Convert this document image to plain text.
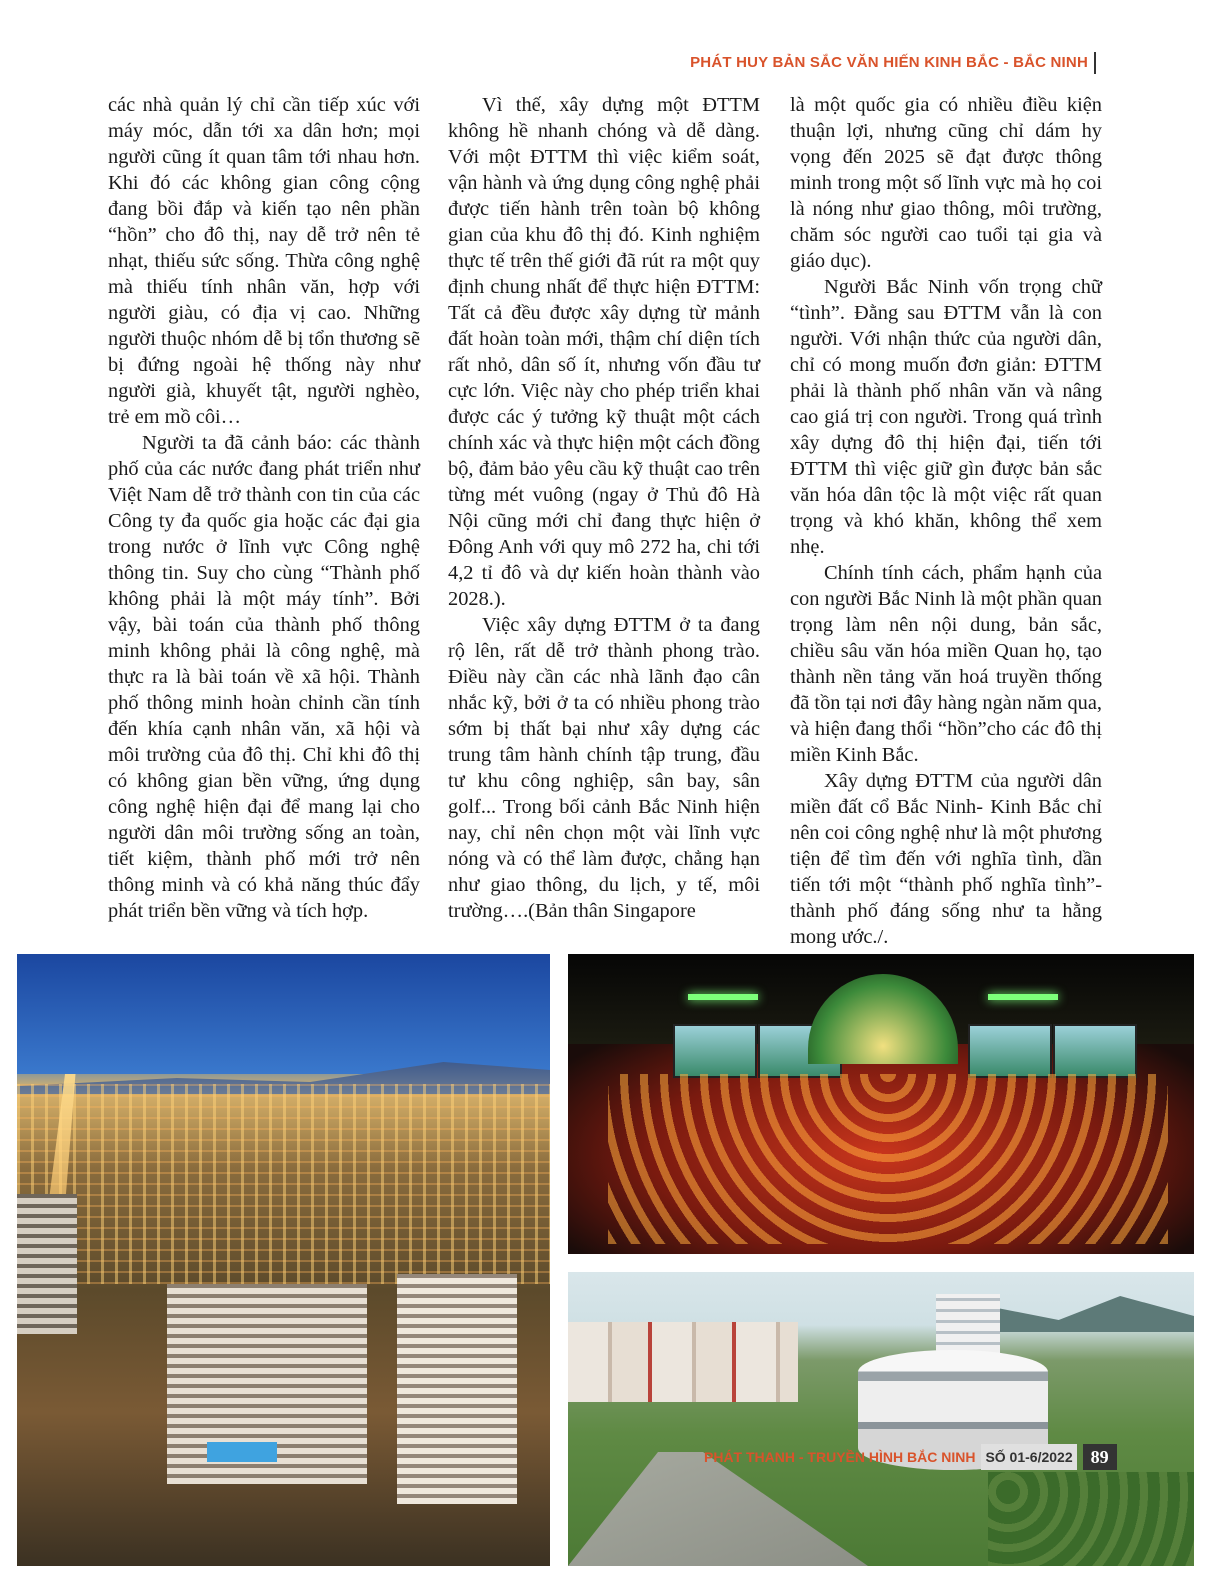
PHÁT HUY BẢN SẮC VĂN HIẾN KINH BẮC - BẮC NINH

các nhà quản lý chỉ cần tiếp xúc với máy móc, dẫn tới xa dân hơn; mọi người cũng ít quan tâm tới nhau hơn. Khi đó các không gian công cộng đang bồi đắp và kiến tạo nên phần “hồn” cho đô thị, nay dễ trở nên tẻ nhạt, thiếu sức sống. Thừa công nghệ mà thiếu tính nhân văn, hợp với người giàu, có địa vị cao. Những người thuộc nhóm dễ bị tổn thương sẽ bị đứng ngoài hệ thống này như người già, khuyết tật, người nghèo, trẻ em mồ côi…

Người ta đã cảnh báo: các thành phố của các nước đang phát triển như Việt Nam dễ trở thành con tin của các Công ty đa quốc gia hoặc các đại gia trong nước ở lĩnh vực Công nghệ thông tin. Suy cho cùng “Thành phố không phải là một máy tính”. Bởi vậy, bài toán của thành phố thông minh không phải là công nghệ, mà thực ra là bài toán về xã hội. Thành phố thông minh hoàn chỉnh cần tính đến khía cạnh nhân văn, xã hội và môi trường của đô thị. Chỉ khi đô thị có không gian bền vững, ứng dụng công nghệ hiện đại để mang lại cho người dân môi trường sống an toàn, tiết kiệm, thành phố mới trở nên thông minh và có khả năng thúc đẩy phát triển bền vững và tích hợp.

Vì thế, xây dựng một ĐTTM không hề nhanh chóng và dễ dàng. Với một ĐTTM thì việc kiểm soát, vận hành và ứng dụng công nghệ phải được tiến hành trên toàn bộ không gian của khu đô thị đó. Kinh nghiệm thực tế trên thế giới đã rút ra một quy định chung nhất để thực hiện ĐTTM: Tất cả đều được xây dựng từ mảnh đất hoàn toàn mới, thậm chí diện tích rất nhỏ, dân số ít, nhưng vốn đầu tư cực lớn. Việc này cho phép triển khai được các ý tưởng kỹ thuật một cách chính xác và thực hiện một cách đồng bộ, đảm bảo yêu cầu kỹ thuật cao trên từng mét vuông (ngay ở Thủ đô Hà Nội cũng mới chỉ đang thực hiện ở Đông Anh với quy mô 272 ha, chi tới 4,2 tỉ đô và dự kiến hoàn thành vào 2028.).

Việc xây dựng ĐTTM ở ta đang rộ lên, rất dễ trở thành phong trào. Điều này cần các nhà lãnh đạo cân nhắc kỹ, bởi ở ta có nhiều phong trào sớm bị thất bại như xây dựng các trung tâm hành chính tập trung, đầu tư khu công nghiệp, sân bay, sân golf... Trong bối cảnh Bắc Ninh hiện nay, chỉ nên chọn một vài lĩnh vực nóng và có thể làm được, chẳng hạn như giao thông, du lịch, y tế, môi trường….(Bản thân Singapore

là một quốc gia có nhiều điều kiện thuận lợi, nhưng cũng chỉ dám hy vọng đến 2025 sẽ đạt được thông minh trong một số lĩnh vực mà họ coi là nóng như giao thông, môi trường, chăm sóc người cao tuổi tại gia và giáo dục).

Người Bắc Ninh vốn trọng chữ “tình”. Đằng sau ĐTTM vẫn là con người. Với nhận thức của người dân, chỉ có mong muốn đơn giản: ĐTTM phải là thành phố nhân văn và nâng cao giá trị con người. Trong quá trình xây dựng đô thị hiện đại, tiến tới ĐTTM thì việc giữ gìn được bản sắc văn hóa dân tộc là một việc rất quan trọng và khó khăn, không thể xem nhẹ.

Chính tính cách, phẩm hạnh của con người Bắc Ninh là một phần quan trọng làm nên nội dung, bản sắc, chiều sâu văn hóa miền Quan họ, tạo thành nền tảng văn hoá truyền thống đã tồn tại nơi đây hàng ngàn năm qua, và hiện đang thổi “hồn”cho các đô thị miền Kinh Bắc.

Xây dựng ĐTTM của người dân miền đất cổ Bắc Ninh- Kinh Bắc chỉ nên coi công nghệ như là một phương tiện để tìm đến với nghĩa tình, dần tiến tới một “thành phố nghĩa tình”- thành phố đáng sống như ta hằng mong ước./.

PHÁT THANH - TRUYỀN HÌNH BẮC NINH SỐ 01-6/2022	89
